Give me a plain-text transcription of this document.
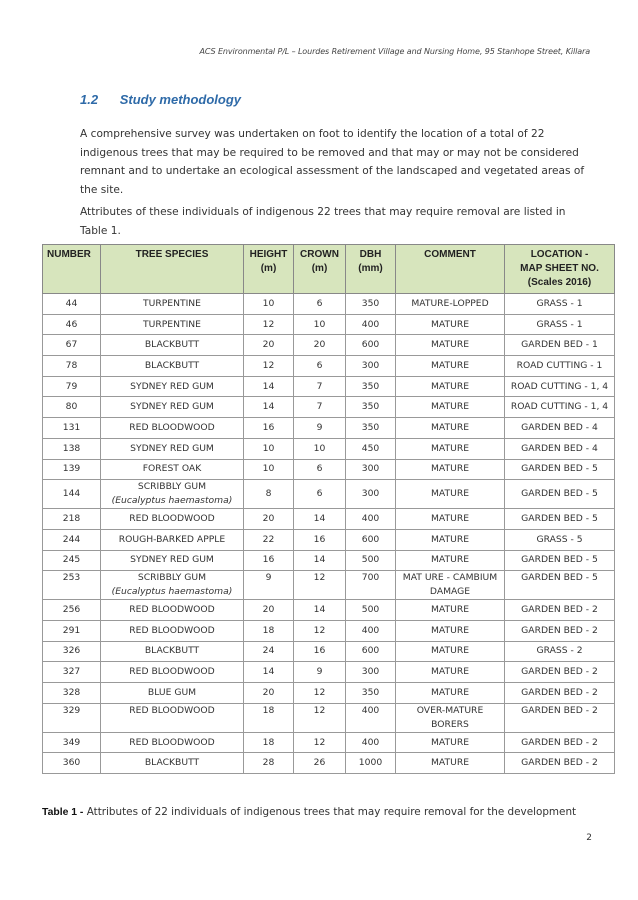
ACS Environmental P/L – Lourdes Retirement Village and Nursing Home, 95 Stanhope Street, Killara
1.2 Study methodology

A comprehensive survey was undertaken on foot to identify the location of a total of 22 indigenous trees that may be required to be removed and that may or may not be considered remnant and to undertake an ecological assessment of the landscaped and vegetated areas of the site.

Attributes of these individuals of indigenous 22 trees that may require removal are listed in Table 1.

NUMBER	TREE SPECIES	HEIGHT (m)	CROWN (m)	DBH (mm)	COMMENT	LOCATION -
MAP SHEET NO.
(Scales 2016)

44	TURPENTINE	10	6	350	MATURE-LOPPED	GRASS - 1
46	TURPENTINE	12	10	400	MATURE	GRASS - 1
67	BLACKBUTT	20	20	600	MATURE	GARDEN BED - 1
78	BLACKBUTT	12	6	300	MATURE	ROAD CUTTING - 1
79	SYDNEY RED GUM	14	7	350	MATURE	ROAD CUTTING - 1, 4
80	SYDNEY RED GUM	14	7	350	MATURE	ROAD CUTTING - 1, 4
131	RED BLOODWOOD	16	9	350	MATURE	GARDEN BED - 4
138	SYDNEY RED GUM	10	10	450	MATURE	GARDEN BED - 4
139	FOREST OAK	10	6	300	MATURE	GARDEN BED - 5
144	SCRIBBLY GUM
(Eucalyptus haemastoma)	8	6	300	MATURE	GARDEN BED - 5
218	RED BLOODWOOD	20	14	400	MATURE	GARDEN BED - 5
244	ROUGH-BARKED APPLE	22	16	600	MATURE	GRASS - 5
245	SYDNEY RED GUM	16	14	500	MATURE	GARDEN BED - 5
253	SCRIBBLY GUM
(Eucalyptus haemastoma)	9	12	700	MAT URE - CAMBIUM DAMAGE	GARDEN BED - 5
256	RED BLOODWOOD	20	14	500	MATURE	GARDEN BED - 2
291	RED BLOODWOOD	18	12	400	MATURE	GARDEN BED - 2
326	BLACKBUTT	24	16	600	MATURE	GRASS - 2
327	RED BLOODWOOD	14	9	300	MATURE	GARDEN BED - 2
328	BLUE GUM	20	12	350	MATURE	GARDEN BED - 2
329	RED BLOODWOOD	18	12	400	OVER-MATURE BORERS	GARDEN BED - 2
349	RED BLOODWOOD	18	12	400	MATURE	GARDEN BED - 2
360	BLACKBUTT	28	26	1000	MATURE	GARDEN BED - 2
Table 1 - Attributes of 22 individuals of indigenous trees that may require removal for the development
2
